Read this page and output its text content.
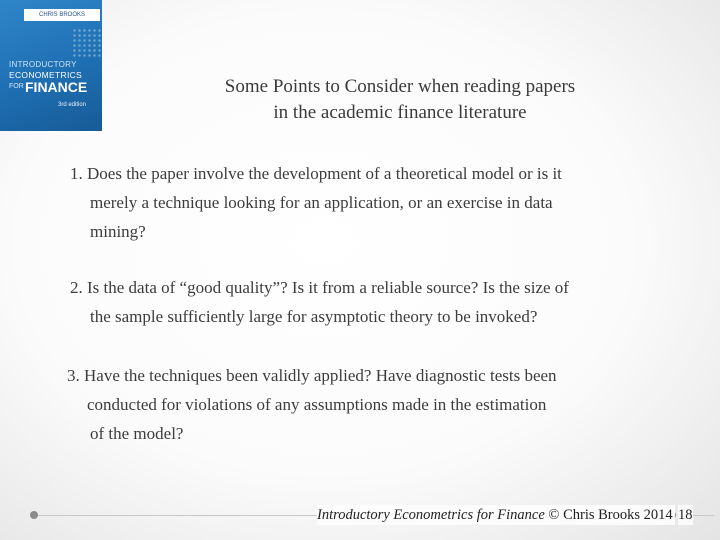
CHRIS BROOKS
INTRODUCTORY
ECONOMETRICS
FOR FINANCE
3rd edition
Some Points to Consider when reading papers
in the academic finance literature
1. Does the paper involve the development of a theoretical model or is it
merely a technique looking for an application, or an exercise in data
mining?
2. Is the data of “good quality”? Is it from a reliable source? Is the size of
the sample sufficiently large for asymptotic theory to be invoked?
3. Have the techniques been validly applied? Have diagnostic tests been
conducted for violations of any assumptions made in the estimation
of the model?
Introductory Econometrics for Finance © Chris Brooks 2014 18
